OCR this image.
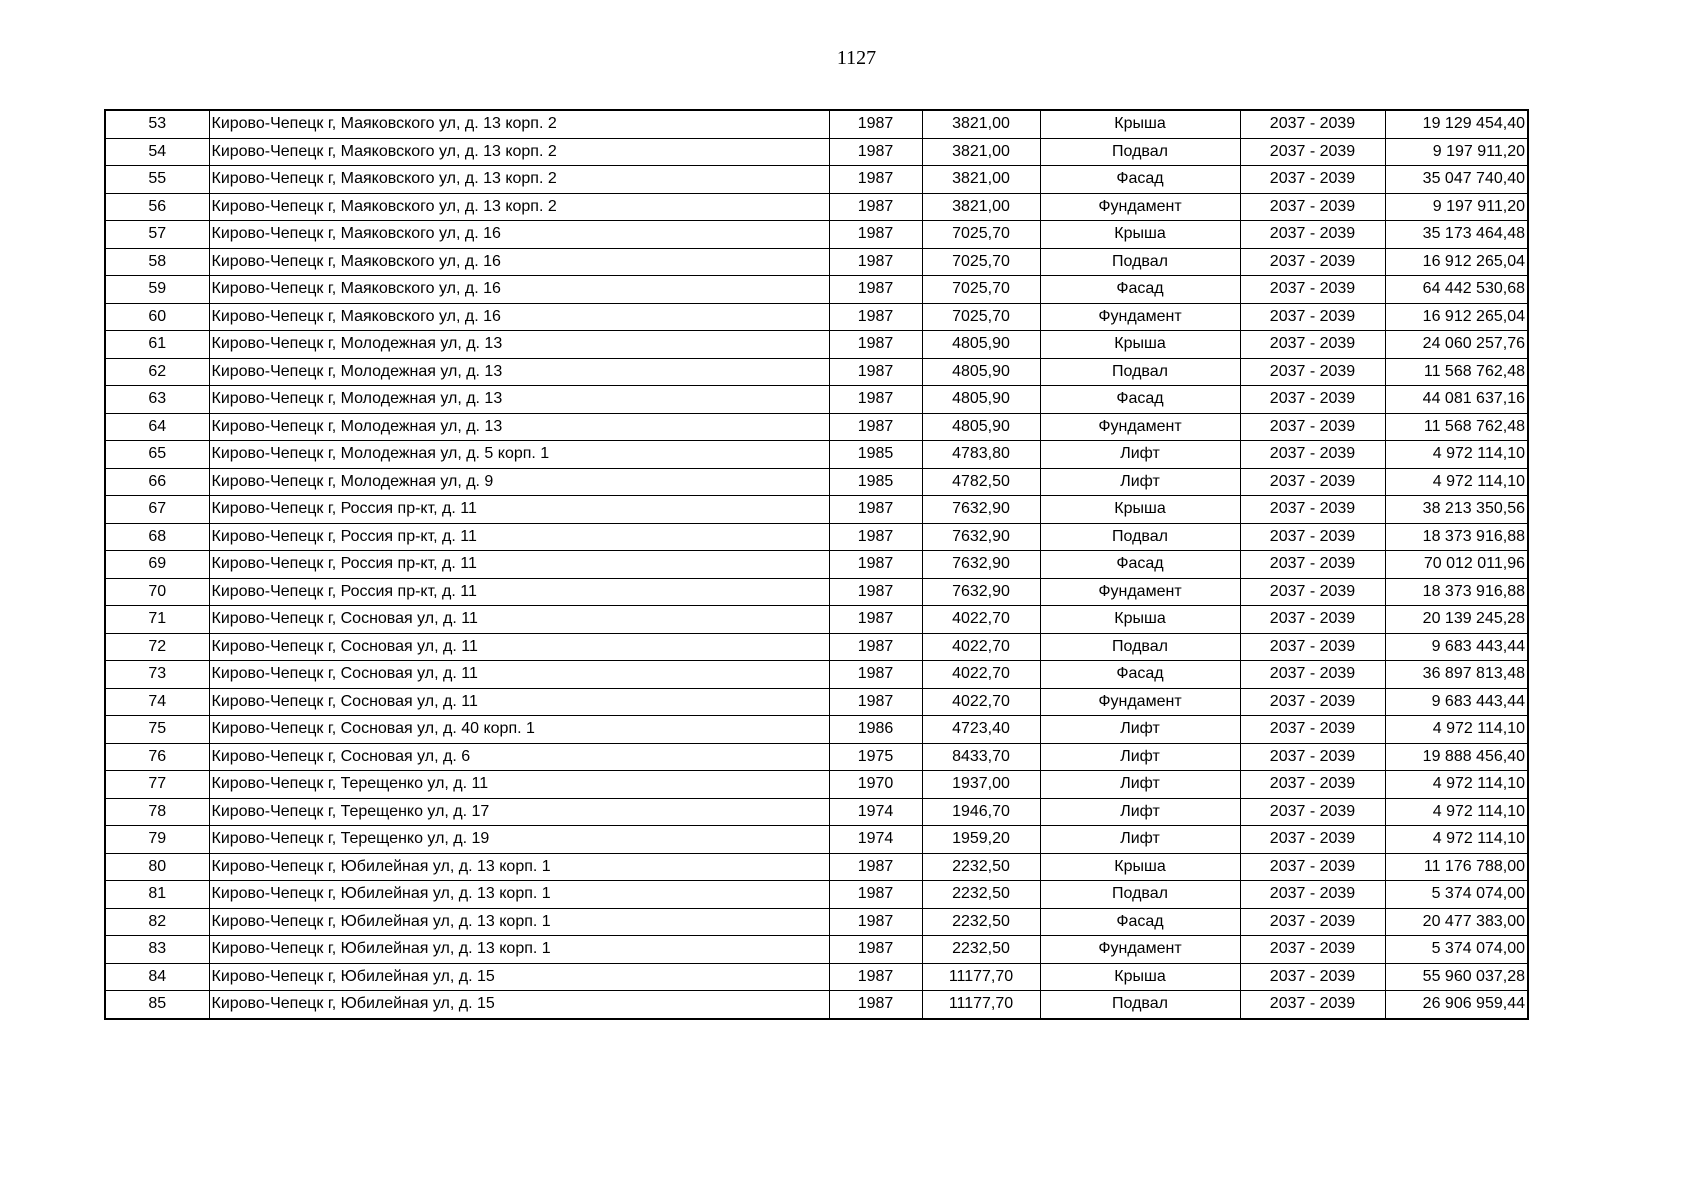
1127
53	Кирово-Чепецк г, Маяковского ул, д. 13 корп. 2	1987	3821,00	Крыша	2037 - 2039	19 129 454,40
54	Кирово-Чепецк г, Маяковского ул, д. 13 корп. 2	1987	3821,00	Подвал	2037 - 2039	9 197 911,20
55	Кирово-Чепецк г, Маяковского ул, д. 13 корп. 2	1987	3821,00	Фасад	2037 - 2039	35 047 740,40
56	Кирово-Чепецк г, Маяковского ул, д. 13 корп. 2	1987	3821,00	Фундамент	2037 - 2039	9 197 911,20
57	Кирово-Чепецк г, Маяковского ул, д. 16	1987	7025,70	Крыша	2037 - 2039	35 173 464,48
58	Кирово-Чепецк г, Маяковского ул, д. 16	1987	7025,70	Подвал	2037 - 2039	16 912 265,04
59	Кирово-Чепецк г, Маяковского ул, д. 16	1987	7025,70	Фасад	2037 - 2039	64 442 530,68
60	Кирово-Чепецк г, Маяковского ул, д. 16	1987	7025,70	Фундамент	2037 - 2039	16 912 265,04
61	Кирово-Чепецк г, Молодежная ул, д. 13	1987	4805,90	Крыша	2037 - 2039	24 060 257,76
62	Кирово-Чепецк г, Молодежная ул, д. 13	1987	4805,90	Подвал	2037 - 2039	11 568 762,48
63	Кирово-Чепецк г, Молодежная ул, д. 13	1987	4805,90	Фасад	2037 - 2039	44 081 637,16
64	Кирово-Чепецк г, Молодежная ул, д. 13	1987	4805,90	Фундамент	2037 - 2039	11 568 762,48
65	Кирово-Чепецк г, Молодежная ул, д. 5 корп. 1	1985	4783,80	Лифт	2037 - 2039	4 972 114,10
66	Кирово-Чепецк г, Молодежная ул, д. 9	1985	4782,50	Лифт	2037 - 2039	4 972 114,10
67	Кирово-Чепецк г, Россия пр-кт, д. 11	1987	7632,90	Крыша	2037 - 2039	38 213 350,56
68	Кирово-Чепецк г, Россия пр-кт, д. 11	1987	7632,90	Подвал	2037 - 2039	18 373 916,88
69	Кирово-Чепецк г, Россия пр-кт, д. 11	1987	7632,90	Фасад	2037 - 2039	70 012 011,96
70	Кирово-Чепецк г, Россия пр-кт, д. 11	1987	7632,90	Фундамент	2037 - 2039	18 373 916,88
71	Кирово-Чепецк г, Сосновая ул, д. 11	1987	4022,70	Крыша	2037 - 2039	20 139 245,28
72	Кирово-Чепецк г, Сосновая ул, д. 11	1987	4022,70	Подвал	2037 - 2039	9 683 443,44
73	Кирово-Чепецк г, Сосновая ул, д. 11	1987	4022,70	Фасад	2037 - 2039	36 897 813,48
74	Кирово-Чепецк г, Сосновая ул, д. 11	1987	4022,70	Фундамент	2037 - 2039	9 683 443,44
75	Кирово-Чепецк г, Сосновая ул, д. 40 корп. 1	1986	4723,40	Лифт	2037 - 2039	4 972 114,10
76	Кирово-Чепецк г, Сосновая ул, д. 6	1975	8433,70	Лифт	2037 - 2039	19 888 456,40
77	Кирово-Чепецк г, Терещенко ул, д. 11	1970	1937,00	Лифт	2037 - 2039	4 972 114,10
78	Кирово-Чепецк г, Терещенко ул, д. 17	1974	1946,70	Лифт	2037 - 2039	4 972 114,10
79	Кирово-Чепецк г, Терещенко ул, д. 19	1974	1959,20	Лифт	2037 - 2039	4 972 114,10
80	Кирово-Чепецк г, Юбилейная ул, д. 13 корп. 1	1987	2232,50	Крыша	2037 - 2039	11 176 788,00
81	Кирово-Чепецк г, Юбилейная ул, д. 13 корп. 1	1987	2232,50	Подвал	2037 - 2039	5 374 074,00
82	Кирово-Чепецк г, Юбилейная ул, д. 13 корп. 1	1987	2232,50	Фасад	2037 - 2039	20 477 383,00
83	Кирово-Чепецк г, Юбилейная ул, д. 13 корп. 1	1987	2232,50	Фундамент	2037 - 2039	5 374 074,00
84	Кирово-Чепецк г, Юбилейная ул, д. 15	1987	11177,70	Крыша	2037 - 2039	55 960 037,28
85	Кирово-Чепецк г, Юбилейная ул, д. 15	1987	11177,70	Подвал	2037 - 2039	26 906 959,44
